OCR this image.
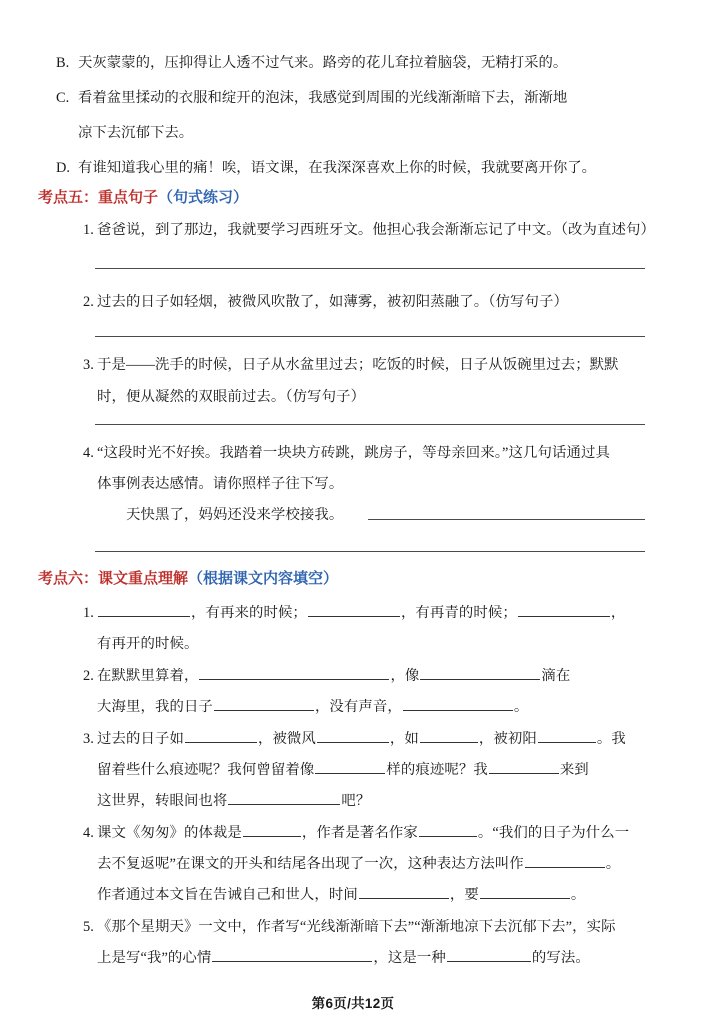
B. 天灰蒙蒙的，压抑得让人透不过气来。路旁的花儿耷拉着脑袋，无精打采的。
C. 看着盆里揉动的衣服和绽开的泡沫，我感觉到周围的光线渐渐暗下去，渐渐地
凉下去沉郁下去。
D. 有谁知道我心里的痛！唉，语文课，在我深深喜欢上你的时候，我就要离开你了。
考点五：重点句子（句式练习）
1. 爸爸说，到了那边，我就要学习西班牙文。他担心我会渐渐忘记了中文。（改为直述句）
2. 过去的日子如轻烟，被微风吹散了，如薄雾，被初阳蒸融了。（仿写句子）
3. 于是——洗手的时候，日子从水盆里过去；吃饭的时候，日子从饭碗里过去；默默
时，便从凝然的双眼前过去。（仿写句子）
4. “这段时光不好挨。我踏着一块块方砖跳，跳房子，等母亲回来。”这几句话通过具
体事例表达感情。请你照样子往下写。
天快黑了，妈妈还没来学校接我。
考点六：课文重点理解（根据课文内容填空）
1.	，有再来的时候；	，有再青的时候；	，
有再开的时候。
2. 在默默里算着，	，像	滴在
大海里，我的日子	，没有声音，	。
3. 过去的日子如	，被微风	，如	，被初阳	。我
留着些什么痕迹呢？我何曾留着像	样的痕迹呢？我	来到
这世界，转眼间也将	吧？
4. 课文《匆匆》的体裁是	，作者是著名作家	。“我们的日子为什么一
去不复返呢”在课文的开头和结尾各出现了一次，这种表达方法叫作	。
作者通过本文旨在告诫自己和世人，时间	，要	。
5. 《那个星期天》一文中，作者写“光线渐渐暗下去”“渐渐地凉下去沉郁下去”，实际
上是写“我”的心情	，这是一种	的写法。
第6页/共12页
